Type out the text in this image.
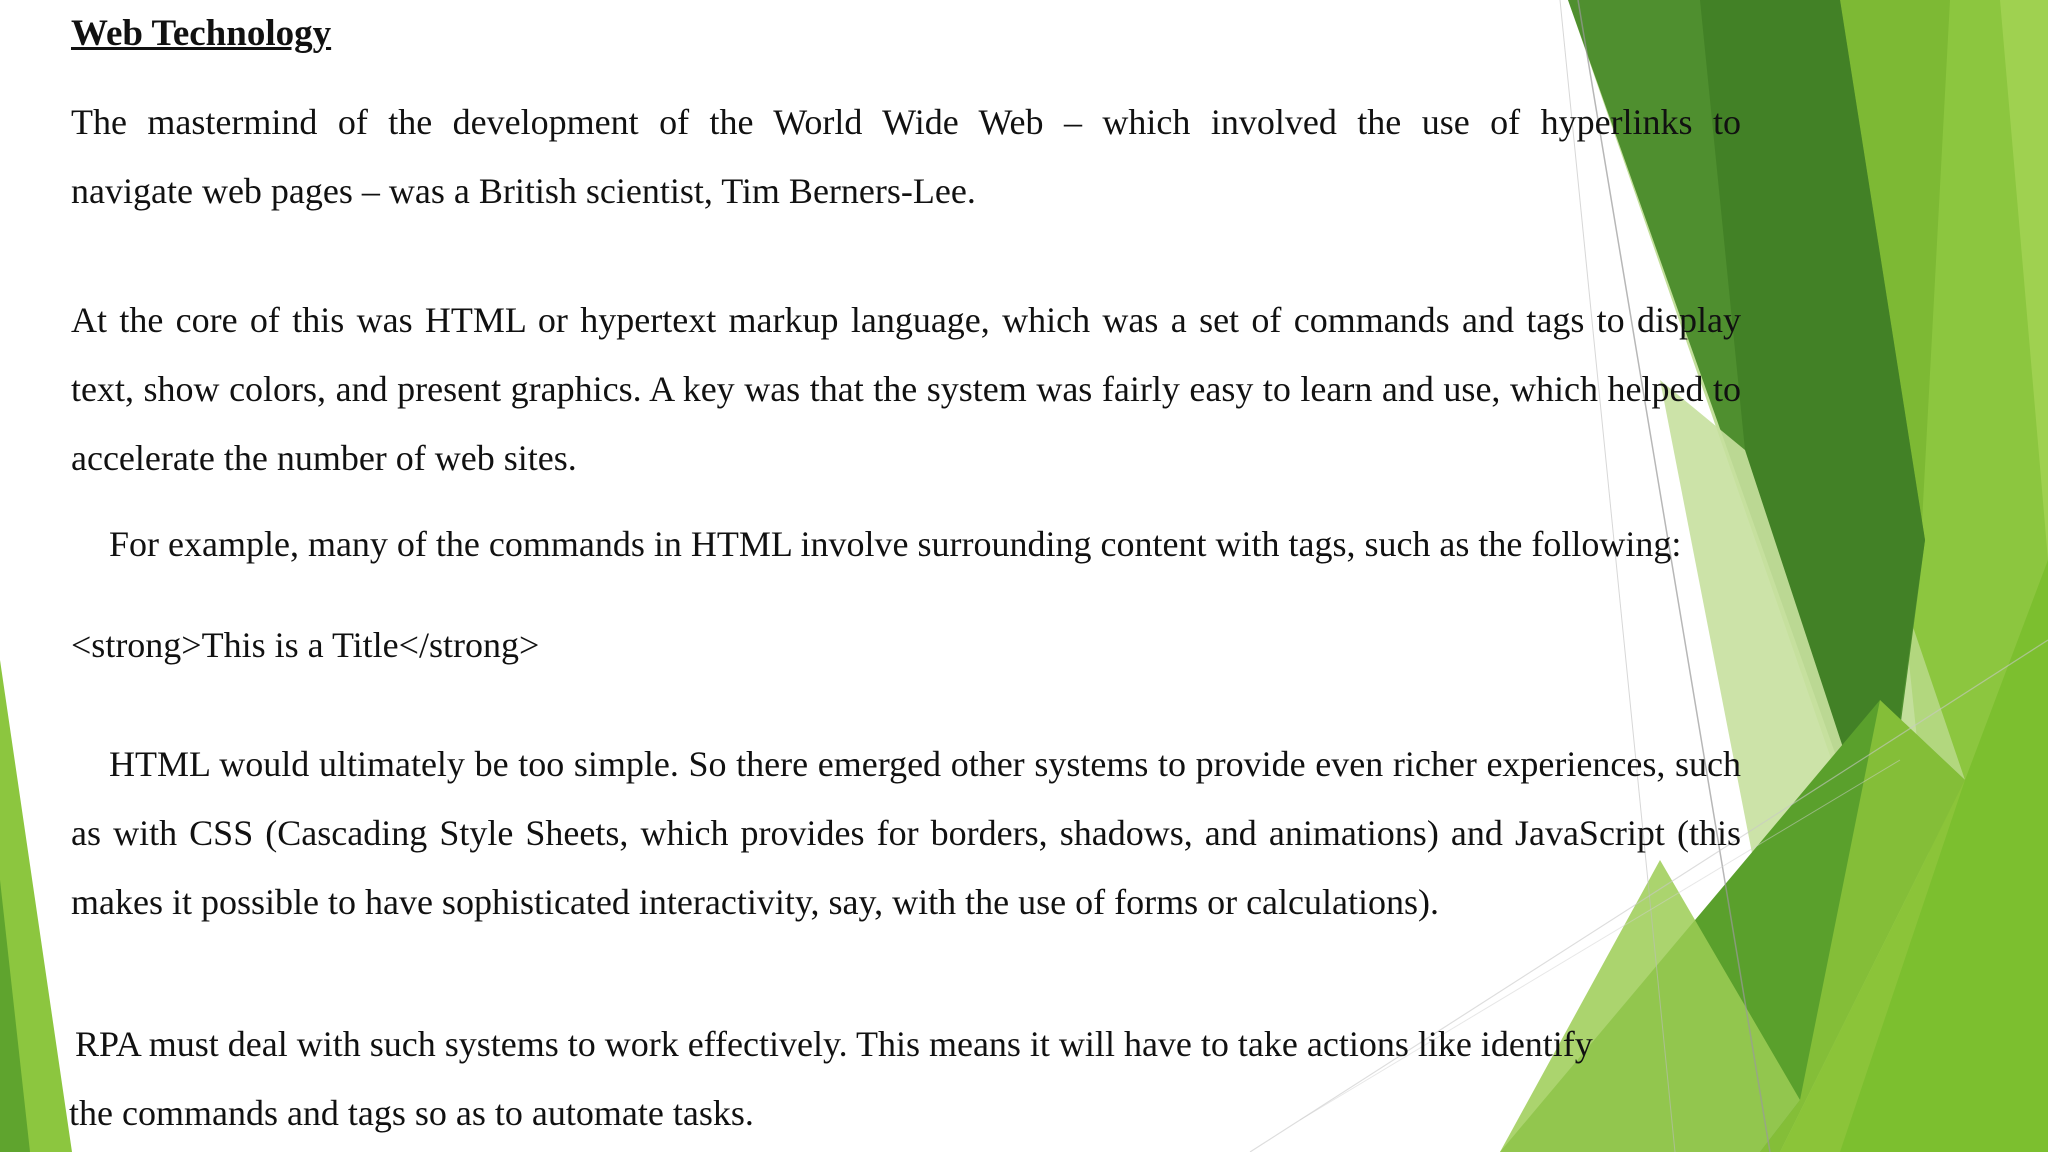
Web Technology

The mastermind of the development of the World Wide Web – which involved the use of hyperlinks to
navigate web pages – was a British scientist, Tim Berners-Lee.

At the core of this was HTML or hypertext markup language, which was a set of commands and tags to display text, show colors, and present graphics. A key was that the system was fairly easy to learn and use, which helped to accelerate the number of web sites.

For example, many of the commands in HTML involve surrounding content with tags, such as the following:

<strong>This is a Title</strong>

HTML would ultimately be too simple. So there emerged other systems to provide even richer experiences, such as with CSS (Cascading Style Sheets, which provides for borders, shadows, and animations) and JavaScript (this makes it possible to have sophisticated interactivity, say, with the use of forms or calculations).

RPA must deal with such systems to work effectively. This means it will have to take actions like identify

the commands and tags so as to automate tasks.
